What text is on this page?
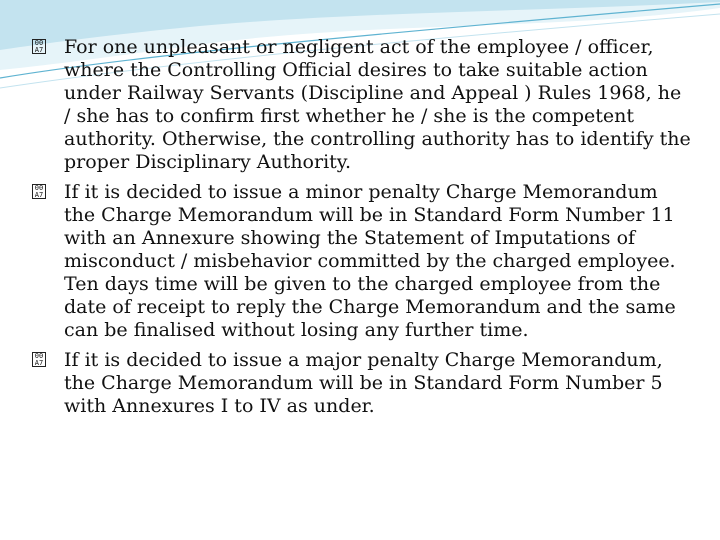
00
A7 For one unpleasant or negligent act of the employee / officer, where the Controlling Official desires to take suitable action under Railway Servants (Discipline and Appeal ) Rules 1968, he / she has to confirm first whether he / she is the competent authority. Otherwise, the controlling authority has to identify the proper Disciplinary Authority.
00
A7 If it is decided to issue a minor penalty Charge Memorandum the Charge Memorandum will be in Standard Form Number 11 with an Annexure showing the Statement of Imputations of misconduct / misbehavior committed by the charged employee. Ten days time will be given to the charged employee from the date of receipt to reply the Charge Memorandum and the same can be finalised without losing any further time.
00
A7 If it is decided to issue a major penalty Charge Memorandum, the Charge Memorandum will be in Standard Form Number 5 with Annexures I to IV as under.
